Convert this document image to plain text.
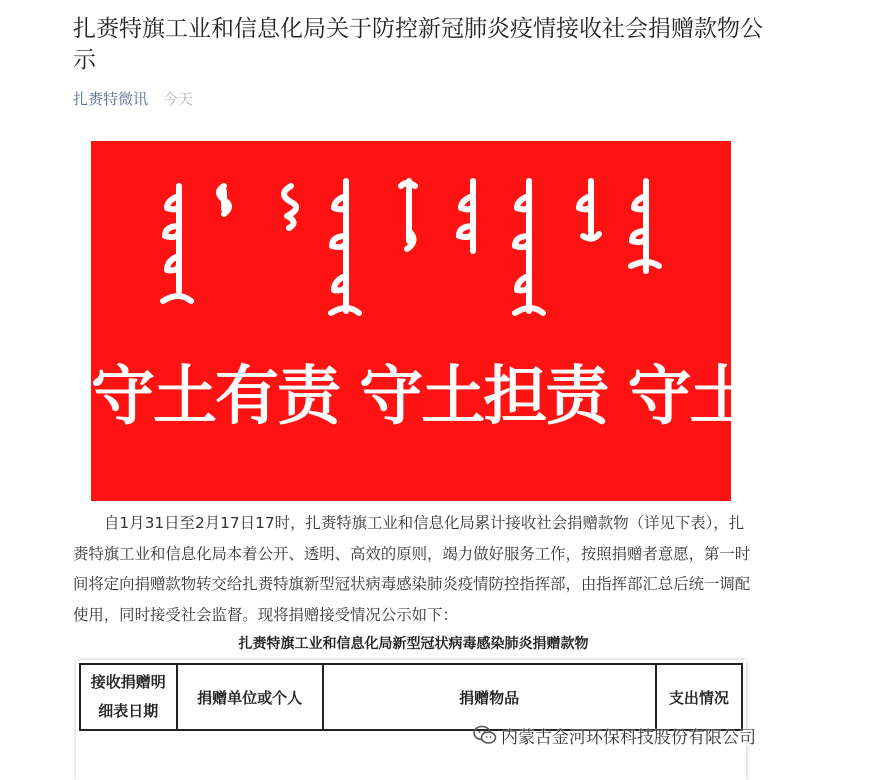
扎赉特旗工业和信息化局关于防控新冠肺炎疫情接收社会捐赠款物公示
扎赉特微讯 今天
守土有责 守土担责 守土尽责

自1月31日至2月17日17时，扎赉特旗工业和信息化局累计接收社会捐赠款物（详见下表），扎赉特旗工业和信息化局本着公开、透明、高效的原则，竭力做好服务工作，按照捐赠者意愿，第一时间将定向捐赠款物转交给扎赉特旗新型冠状病毒感染肺炎疫情防控指挥部，由指挥部汇总后统一调配使用，同时接受社会监督。现将捐赠接受情况公示如下：

扎赉特旗工业和信息化局新型冠状病毒感染肺炎捐赠款物
接收捐赠明细表日期	捐赠单位或个人	捐赠物品	支出情况
内蒙古金河环保科技股份有限公司
